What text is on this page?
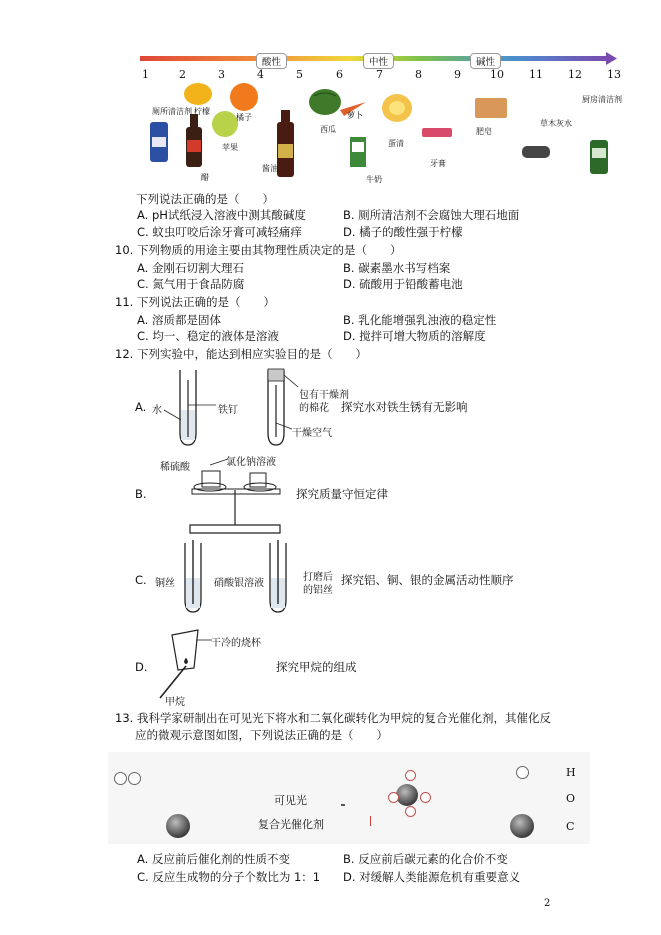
酸性	中性	碱性
1	2	3	4	5	6	7	8	9	10 11 12 13
厕所清洁剂 柠檬
苹果
橘子
醋
西瓜
酱油
蛋清
牙膏
肥皂
草木灰水
厨房清洁剂
牛奶
萝卜
下列说法正确的是（　　）
A. pH试纸浸入溶液中测其酸碱度	B. 厕所清洁剂不会腐蚀大理石地面
C. 蚊虫叮咬后涂牙膏可减轻痛痒	D. 橘子的酸性强于柠檬
10. 下列物质的用途主要由其物理性质决定的是（　　）
A. 金刚石切割大理石	B. 碳素墨水书写档案
C. 氮气用于食品防腐	D. 硫酸用于铅酸蓄电池
11. 下列说法正确的是（　　）
A. 溶质都是固体	B. 乳化能增强乳浊液的稳定性
C. 均一、稳定的液体是溶液	D. 搅拌可增大物质的溶解度
12. 下列实验中，能达到相应实验目的是（　　）
A. 水	铁钉
包有干燥剂
的棉花
干燥空气
探究水对铁生锈有无影响
B.
稀硫酸	氯化钠溶液
探究质量守恒定律
C. 铜丝	硝酸银溶液
打磨后
的铝丝
探究铝、铜、银的金属活动性顺序
D.
干冷的烧杯
甲烷
探究甲烷的组成
13. 我科学家研制出在可见光下将水和二氧化碳转化为甲烷的复合光催化剂，其催化反
应的微观示意图如图，下列说法正确的是（　　）
可见光
复合光催化剂
H
O
C
A. 反应前后催化剂的性质不变	B. 反应前后碳元素的化合价不变
C. 反应生成物的分子个数比为 1：1 D. 对缓解人类能源危机有重要意义
2
